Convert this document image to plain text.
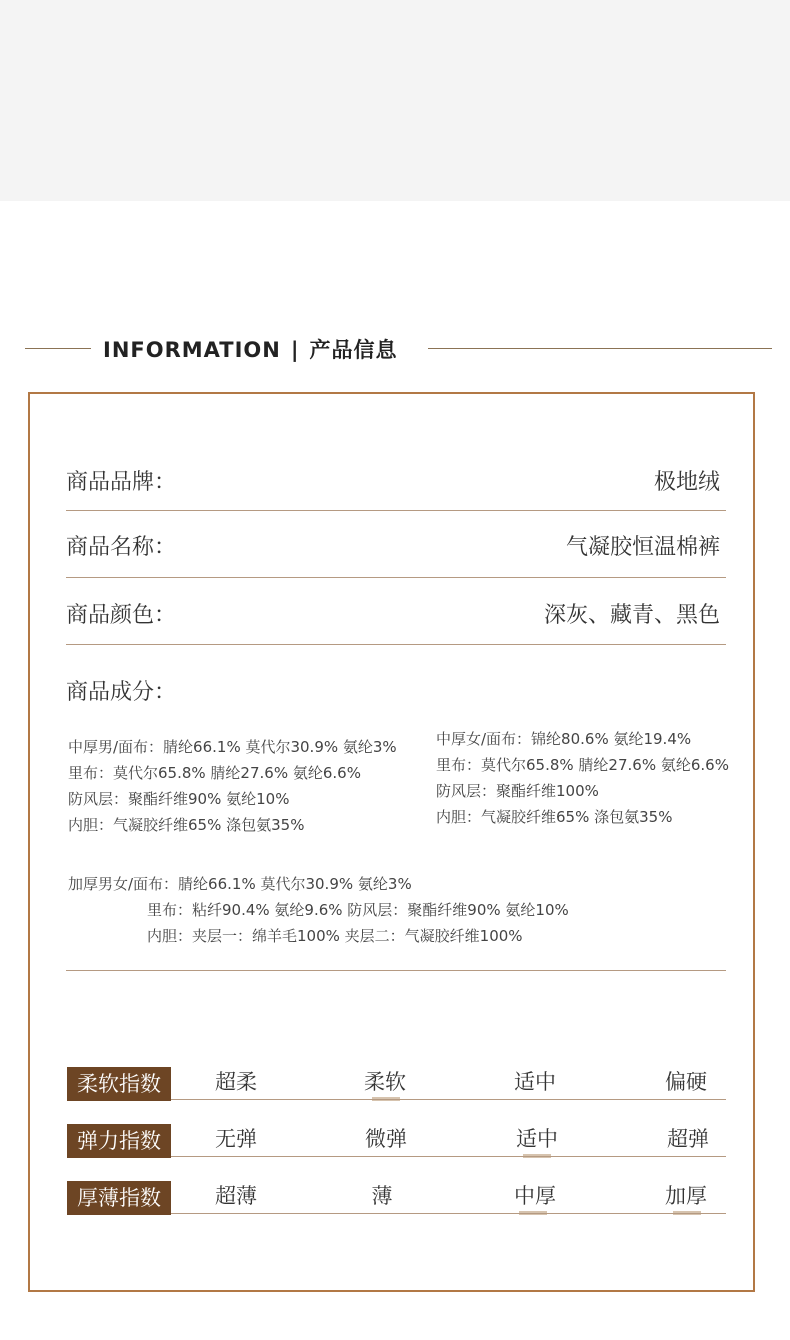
INFORMATION | 产品信息
商品品牌：	极地绒
商品名称：	气凝胶恒温棉裤
商品颜色：	深灰、藏青、黑色
商品成分：
中厚男/面布：腈纶66.1% 莫代尔30.9% 氨纶3%
里布：莫代尔65.8% 腈纶27.6% 氨纶6.6%
防风层：聚酯纤维90% 氨纶10%
内胆：气凝胶纤维65% 涤包氨35%
中厚女/面布：锦纶80.6% 氨纶19.4%
里布：莫代尔65.8% 腈纶27.6% 氨纶6.6%
防风层：聚酯纤维100%
内胆：气凝胶纤维65% 涤包氨35%
加厚男女/面布：腈纶66.1% 莫代尔30.9% 氨纶3%
里布：粘纤90.4% 氨纶9.6% 防风层：聚酯纤维90% 氨纶10%
内胆：夹层一：绵羊毛100% 夹层二：气凝胶纤维100%
柔软指数	超柔	柔软	适中	偏硬
弹力指数	无弹	微弹	适中	超弹
厚薄指数	超薄	薄	中厚	加厚
